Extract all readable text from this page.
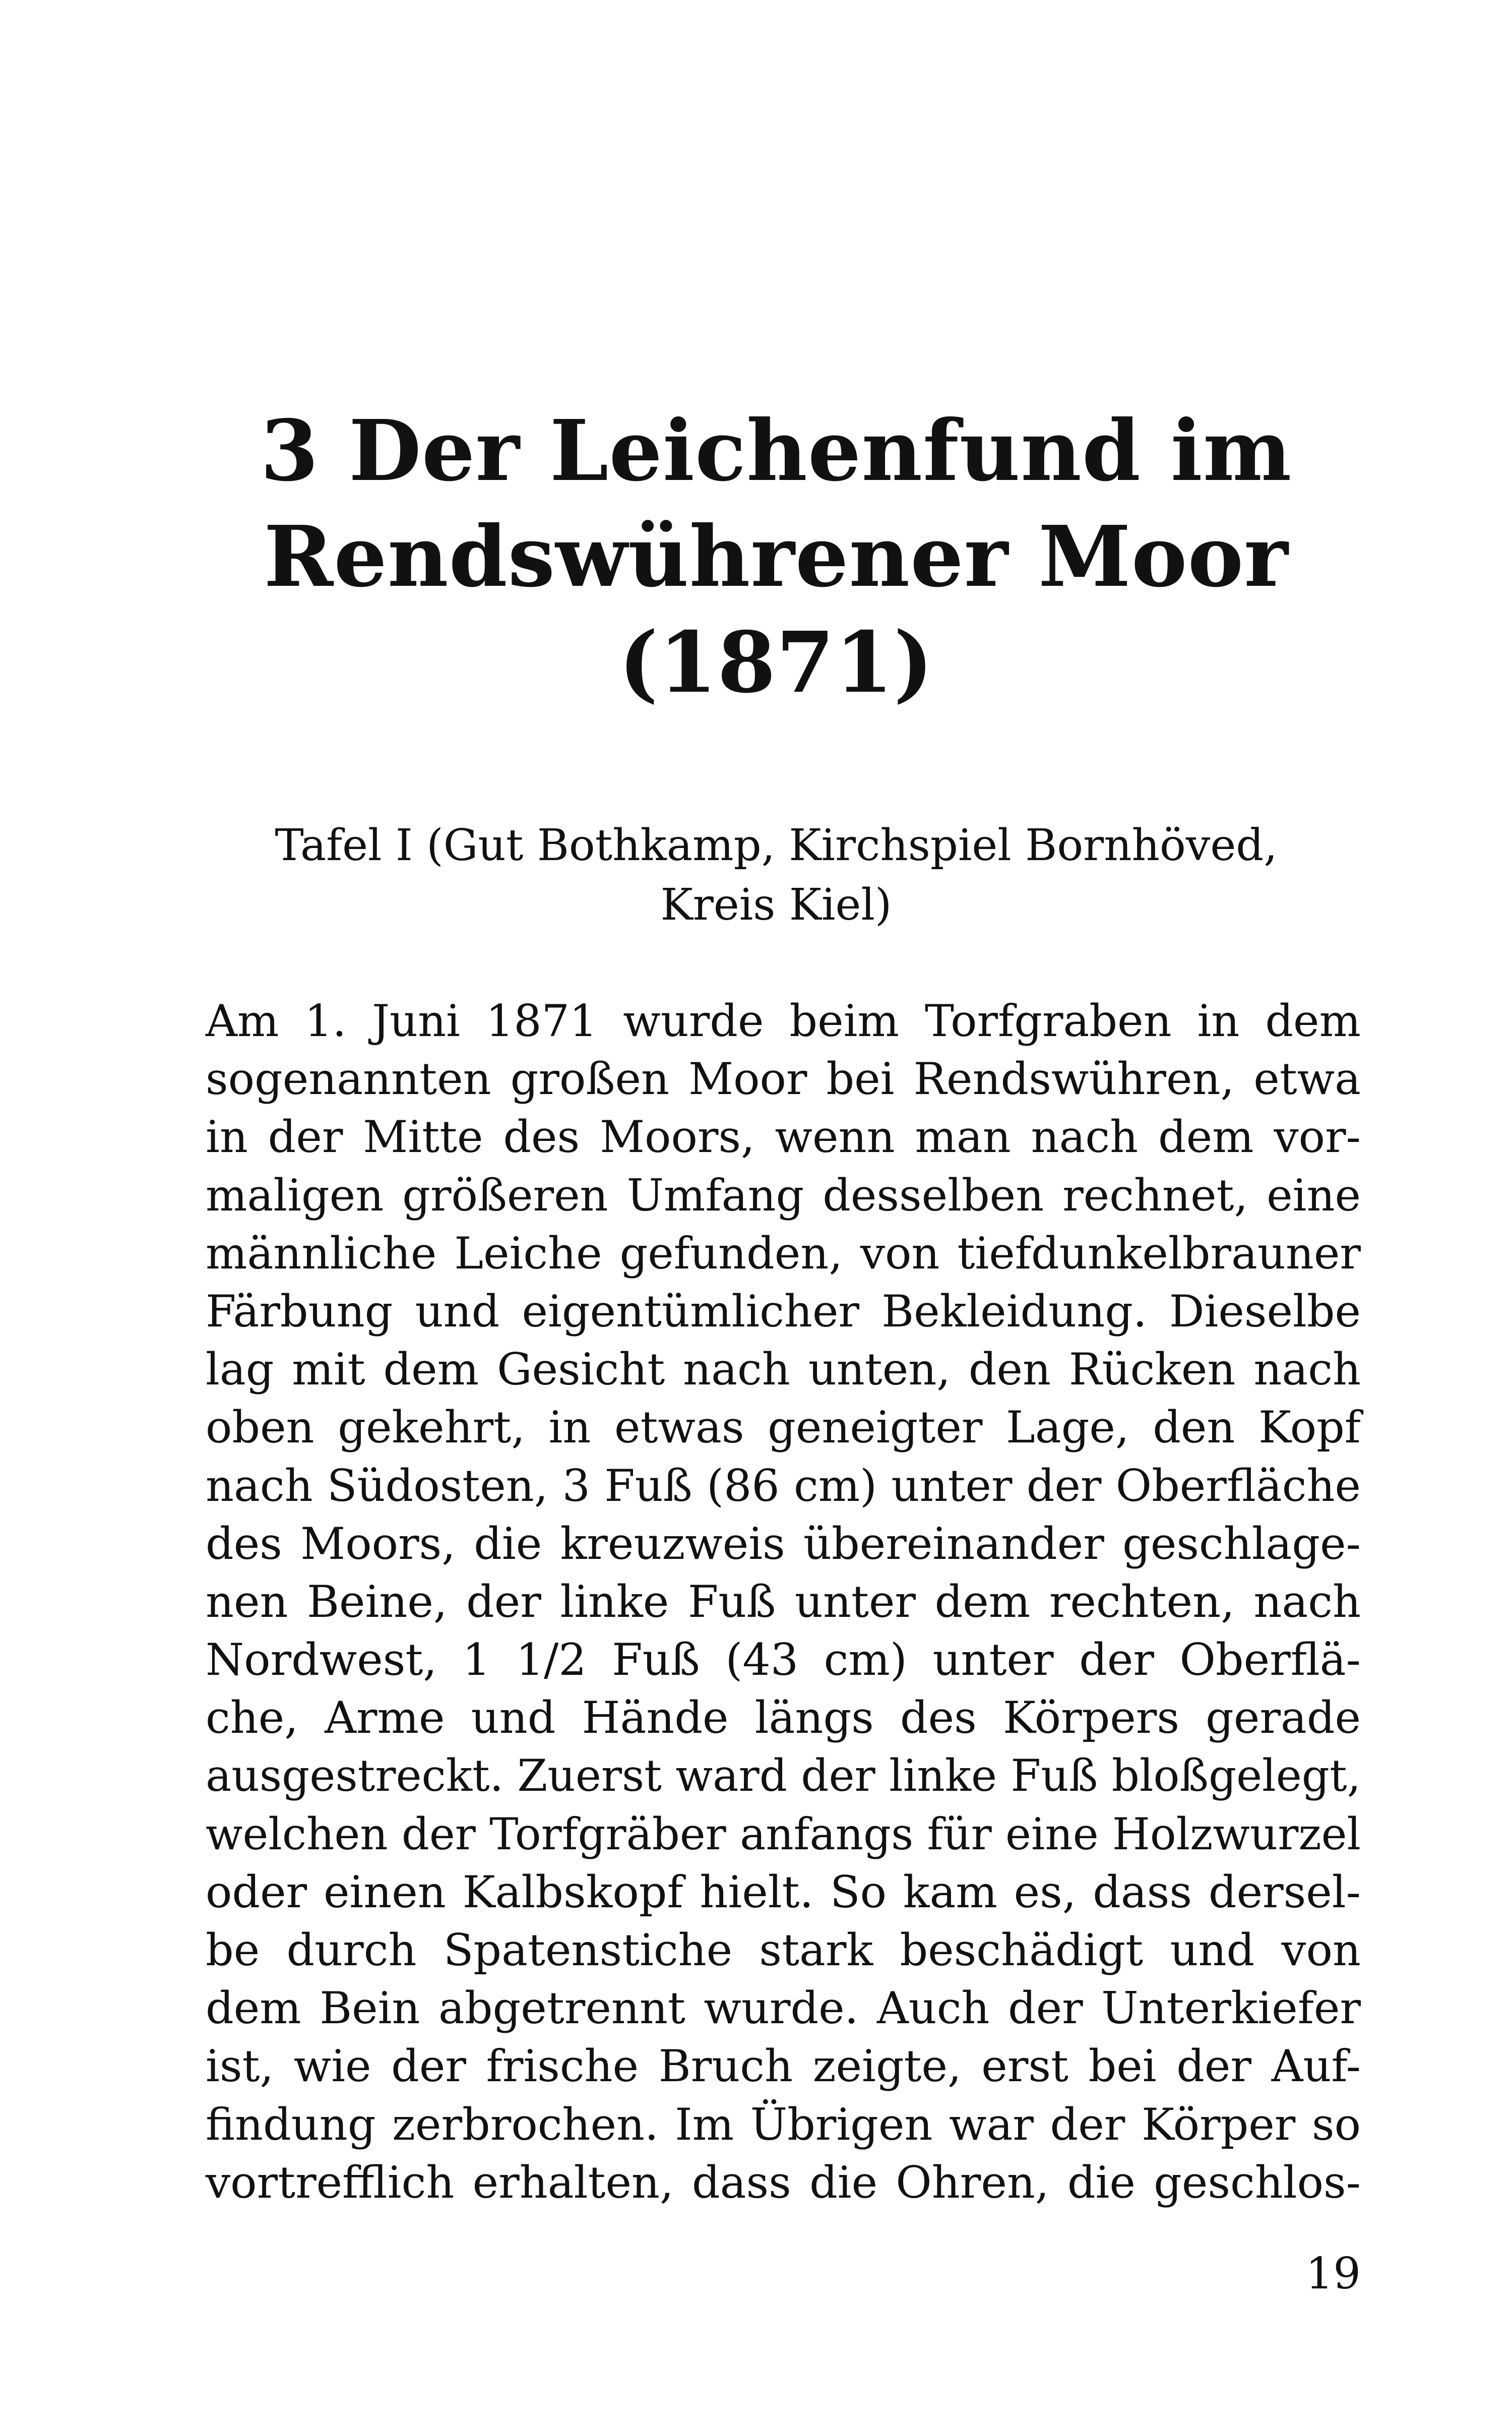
3 Der Leichenfund im
Rendswührener Moor
(1871)

Tafel I (Gut Bothkamp, Kirchspiel Bornhöved,
Kreis Kiel)

Am 1. Juni 1871 wurde beim Torfgraben in dem
sogenannten großen Moor bei Rendswühren, etwa
in der Mitte des Moors, wenn man nach dem vor-
maligen größeren Umfang desselben rechnet, eine
männliche Leiche gefunden, von tiefdunkelbrauner
Färbung und eigentümlicher Bekleidung. Dieselbe
lag mit dem Gesicht nach unten, den Rücken nach
oben gekehrt, in etwas geneigter Lage, den Kopf
nach Südosten, 3 Fuß (86 cm) unter der Oberfläche
des Moors, die kreuzweis übereinander geschlage-
nen Beine, der linke Fuß unter dem rechten, nach
Nordwest, 1 1/2 Fuß (43 cm) unter der Oberflä-
che, Arme und Hände längs des Körpers gerade
ausgestreckt. Zuerst ward der linke Fuß bloßgelegt,
welchen der Torfgräber anfangs für eine Holzwurzel
oder einen Kalbskopf hielt. So kam es, dass dersel-
be durch Spatenstiche stark beschädigt und von
dem Bein abgetrennt wurde. Auch der Unterkiefer
ist, wie der frische Bruch zeigte, erst bei der Auf-
findung zerbrochen. Im Übrigen war der Körper so
vortrefflich erhalten, dass die Ohren, die geschlos-
19
